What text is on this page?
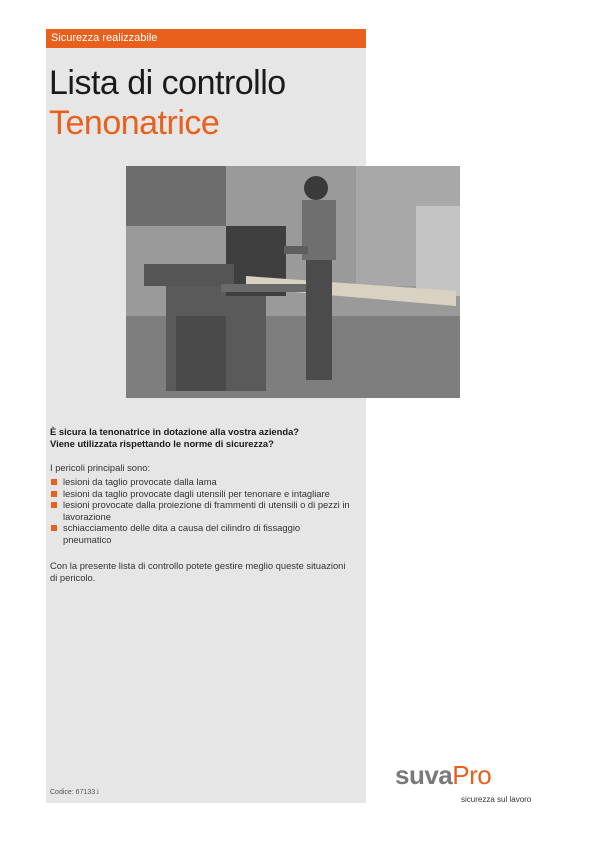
Sicurezza realizzabile
Lista di controllo
Tenonatrice
È sicura la tenonatrice in dotazione alla vostra azienda?
Viene utilizzata rispettando le norme di sicurezza?
I pericoli principali sono:
lesioni da taglio provocate dalla lama
lesioni da taglio provocate dagli utensili per tenonare e intagliare
lesioni provocate dalla proiezione di frammenti di utensili o di pezzi in lavorazione
schiacciamento delle dita a causa del cilindro di fissaggio pneumatico
Con la presente lista di controllo potete gestire meglio queste situazioni di pericolo.
Codice: 67133.i
suvaPro
sicurezza sul lavoro
